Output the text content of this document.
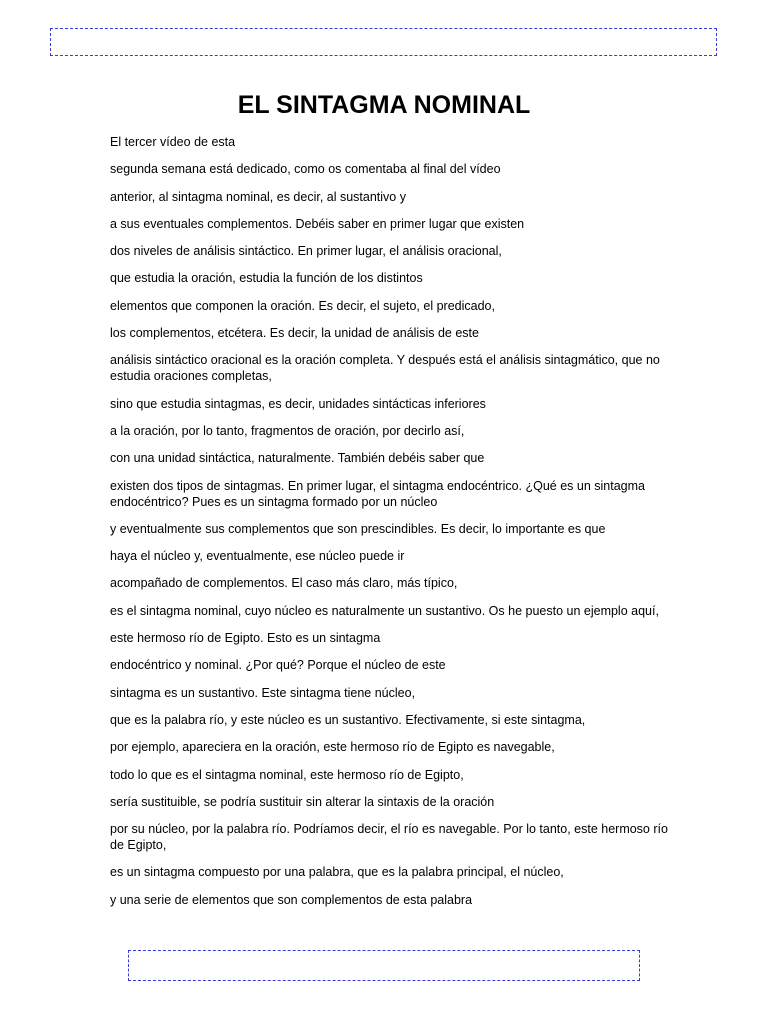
EL SINTAGMA NOMINAL

El tercer vídeo de esta

segunda semana está dedicado, como os comentaba al final del vídeo

anterior, al sintagma nominal, es decir, al sustantivo y

a sus eventuales complementos. Debéis saber en primer lugar que existen

dos niveles de análisis sintáctico. En primer lugar, el análisis oracional,

que estudia la oración, estudia la función de los distintos

elementos que componen la oración. Es decir, el sujeto, el predicado,

los complementos, etcétera. Es decir, la unidad de análisis de este

análisis sintáctico oracional es la oración completa. Y después está el análisis sintagmático, que no estudia oraciones completas,

sino que estudia sintagmas, es decir, unidades sintácticas inferiores

a la oración, por lo tanto, fragmentos de oración, por decirlo así,

con una unidad sintáctica, naturalmente. También debéis saber que

existen dos tipos de sintagmas. En primer lugar, el sintagma endocéntrico. ¿Qué es un sintagma endocéntrico? Pues es un sintagma formado por un núcleo

y eventualmente sus complementos que son prescindibles. Es decir, lo importante es que

haya el núcleo y, eventualmente, ese núcleo puede ir

acompañado de complementos. El caso más claro, más típico,

es el sintagma nominal, cuyo núcleo es naturalmente un sustantivo. Os he puesto un ejemplo aquí,

este hermoso río de Egipto. Esto es un sintagma

endocéntrico y nominal. ¿Por qué? Porque el núcleo de este

sintagma es un sustantivo. Este sintagma tiene núcleo,

que es la palabra río, y este núcleo es un sustantivo. Efectivamente, si este sintagma,

por ejemplo, apareciera en la oración, este hermoso río de Egipto es navegable,

todo lo que es el sintagma nominal, este hermoso río de Egipto,

sería sustituible, se podría sustituir sin alterar la sintaxis de la oración

por su núcleo, por la palabra río. Podríamos decir, el río es navegable. Por lo tanto, este hermoso río de Egipto,

es un sintagma compuesto por una palabra, que es la palabra principal, el núcleo,

y una serie de elementos que son complementos de esta palabra
